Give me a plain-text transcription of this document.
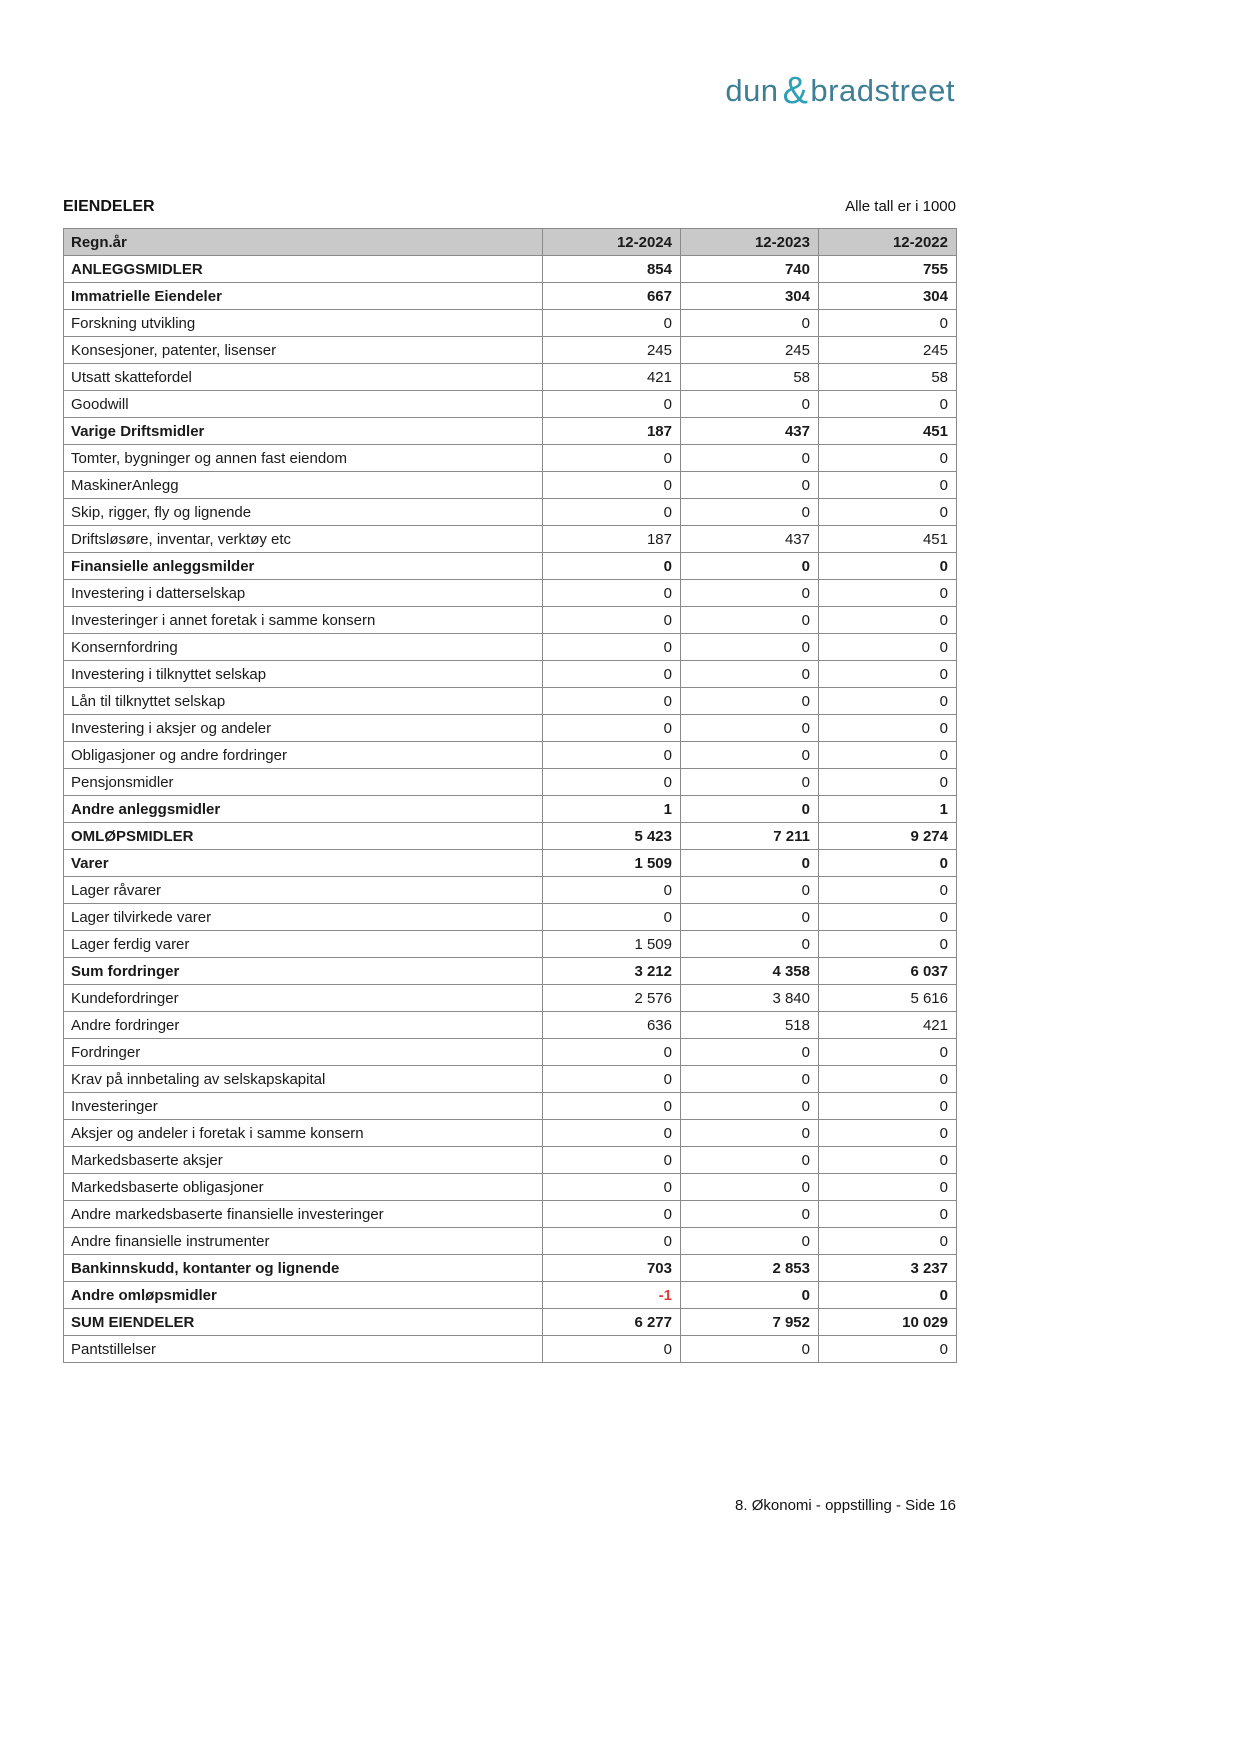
dun & bradstreet
EIENDELER	Alle tall er i 1000
Regn.år	12-2024	12-2023	12-2022
ANLEGGSMIDLER	854	740	755
Immatrielle Eiendeler	667	304	304
Forskning utvikling	0	0	0
Konsesjoner, patenter, lisenser	245	245	245
Utsatt skattefordel	421	58	58
Goodwill	0	0	0
Varige Driftsmidler	187	437	451
Tomter, bygninger og annen fast eiendom	0	0	0
MaskinerAnlegg	0	0	0
Skip, rigger, fly og lignende	0	0	0
Driftsløsøre, inventar, verktøy etc	187	437	451
Finansielle anleggsmilder	0	0	0
Investering i datterselskap	0	0	0
Investeringer i annet foretak i samme konsern	0	0	0
Konsernfordring	0	0	0
Investering i tilknyttet selskap	0	0	0
Lån til tilknyttet selskap	0	0	0
Investering i aksjer og andeler	0	0	0
Obligasjoner og andre fordringer	0	0	0
Pensjonsmidler	0	0	0
Andre anleggsmidler	1	0	1
OMLØPSMIDLER	5 423	7 211	9 274
Varer	1 509	0	0
Lager råvarer	0	0	0
Lager tilvirkede varer	0	0	0
Lager ferdig varer	1 509	0	0
Sum fordringer	3 212	4 358	6 037
Kundefordringer	2 576	3 840	5 616
Andre fordringer	636	518	421
Fordringer	0	0	0
Krav på innbetaling av selskapskapital	0	0	0
Investeringer	0	0	0
Aksjer og andeler i foretak i samme konsern	0	0	0
Markedsbaserte aksjer	0	0	0
Markedsbaserte obligasjoner	0	0	0
Andre markedsbaserte finansielle investeringer	0	0	0
Andre finansielle instrumenter	0	0	0
Bankinnskudd, kontanter og lignende	703	2 853	3 237
Andre omløpsmidler	-1	0	0
SUM EIENDELER	6 277	7 952	10 029
Pantstillelser	0	0	0
8. Økonomi - oppstilling - Side 16
